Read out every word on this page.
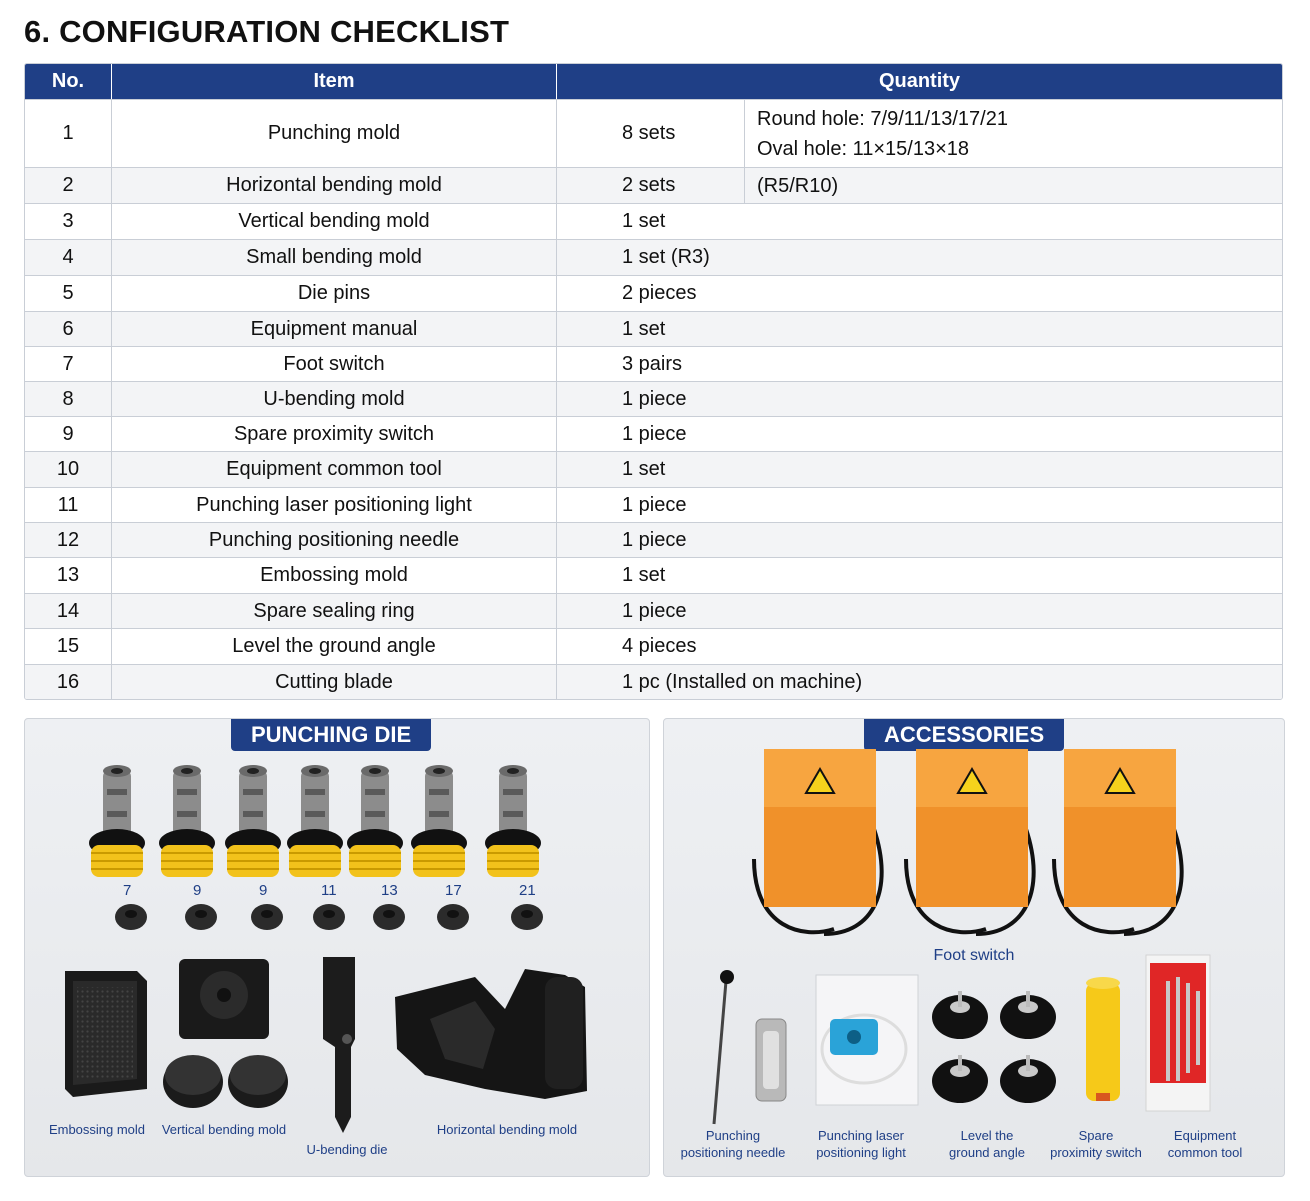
6. CONFIGURATION CHECKLIST
No.	Item	Quantity
1	Punching mold	8 sets
Round hole: 7/9/11/13/17/21
Oval hole: 11×15/13×18
2	Horizontal bending mold	2 sets	(R5/R10)
3	Vertical bending mold	1 set
4	Small bending mold	1 set (R3)
5	Die pins	2 pieces
6	Equipment manual	1 set
7	Foot switch	3 pairs
8	U-bending mold	1 piece
9	Spare proximity switch	1 piece
10	Equipment common tool	1 set
11	Punching laser positioning light	1 piece
12	Punching positioning needle	1 piece
13	Embossing mold	1 set
14	Spare sealing ring	1 piece
15	Level the ground angle	4 pieces
16	Cutting blade	1 pc (Installed on machine)
PUNCHING DIE
7	9	9	11	13	17	21
Embossing mold	Vertical bending mold
U-bending die
Horizontal bending mold
ACCESSORIES
Foot switch
Punching
positioning needle
Punching laser
positioning light
Level the
ground angle
Spare
proximity switch
Equipment
common tool
